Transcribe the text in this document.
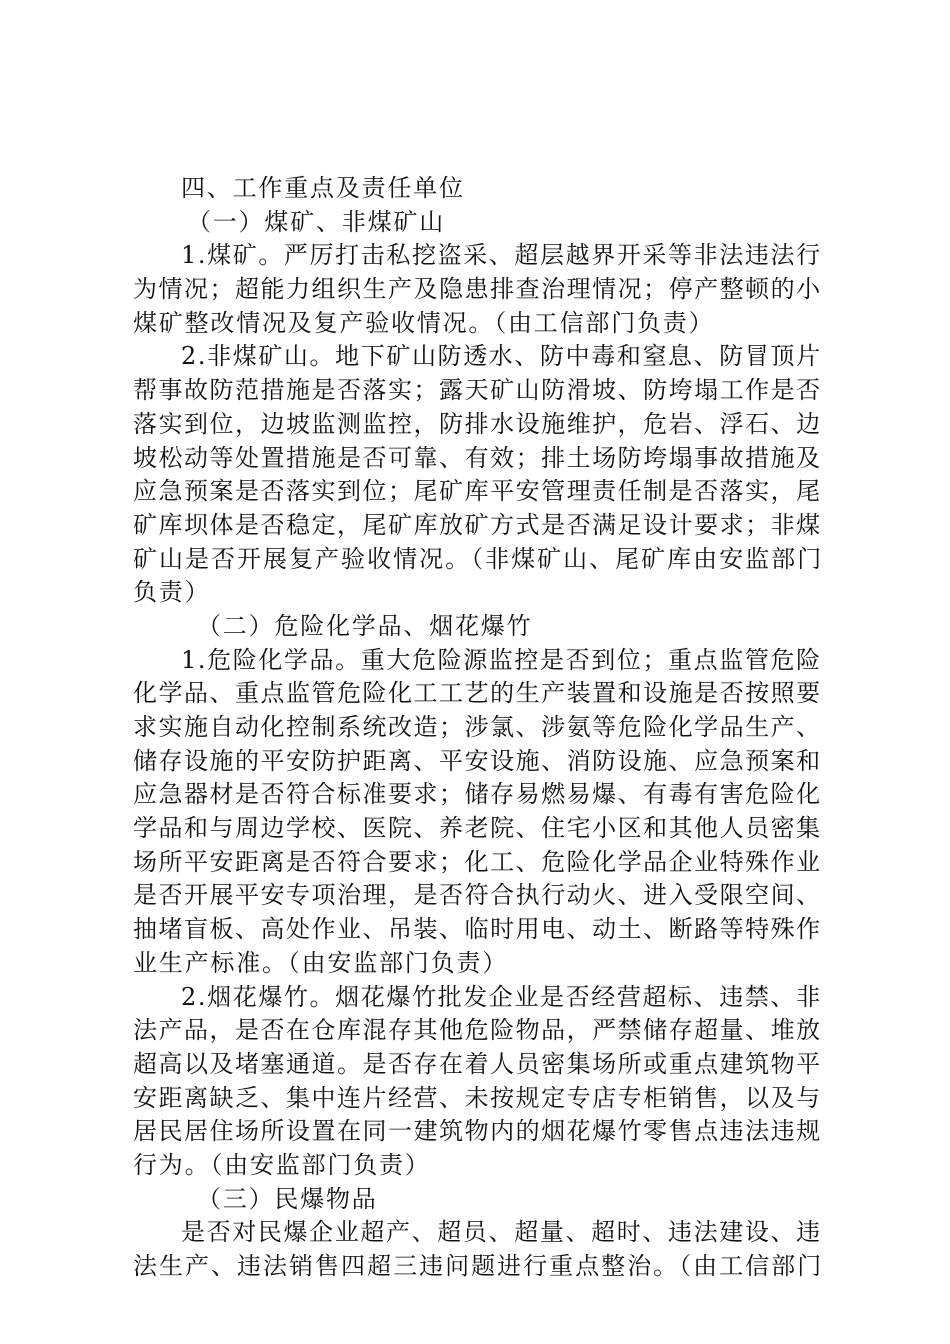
四、工作重点及责任单位
（一）煤矿、非煤矿山
1.煤矿。严厉打击私挖盗采、超层越界开采等非法违法行
为情况；超能力组织生产及隐患排查治理情况；停产整顿的小
煤矿整改情况及复产验收情况。（由工信部门负责）
2.非煤矿山。地下矿山防透水、防中毒和窒息、防冒顶片
帮事故防范措施是否落实；露天矿山防滑坡、防垮塌工作是否
落实到位，边坡监测监控，防排水设施维护，危岩、浮石、边
坡松动等处置措施是否可靠、有效；排土场防垮塌事故措施及
应急预案是否落实到位；尾矿库平安管理责任制是否落实，尾
矿库坝体是否稳定，尾矿库放矿方式是否满足设计要求；非煤
矿山是否开展复产验收情况。（非煤矿山、尾矿库由安监部门
负责）
（二）危险化学品、烟花爆竹
1.危险化学品。重大危险源监控是否到位；重点监管危险
化学品、重点监管危险化工工艺的生产装置和设施是否按照要
求实施自动化控制系统改造；涉氯、涉氨等危险化学品生产、
储存设施的平安防护距离、平安设施、消防设施、应急预案和
应急器材是否符合标准要求；储存易燃易爆、有毒有害危险化
学品和与周边学校、医院、养老院、住宅小区和其他人员密集
场所平安距离是否符合要求；化工、危险化学品企业特殊作业
是否开展平安专项治理，是否符合执行动火、进入受限空间、
抽堵盲板、高处作业、吊装、临时用电、动土、断路等特殊作
业生产标准。（由安监部门负责）
2.烟花爆竹。烟花爆竹批发企业是否经营超标、违禁、非
法产品，是否在仓库混存其他危险物品，严禁储存超量、堆放
超高以及堵塞通道。是否存在着人员密集场所或重点建筑物平
安距离缺乏、集中连片经营、未按规定专店专柜销售，以及与
居民居住场所设置在同一建筑物内的烟花爆竹零售点违法违规
行为。（由安监部门负责）
（三）民爆物品
是否对民爆企业超产、超员、超量、超时、违法建设、违
法生产、违法销售四超三违问题进行重点整治。（由工信部门
